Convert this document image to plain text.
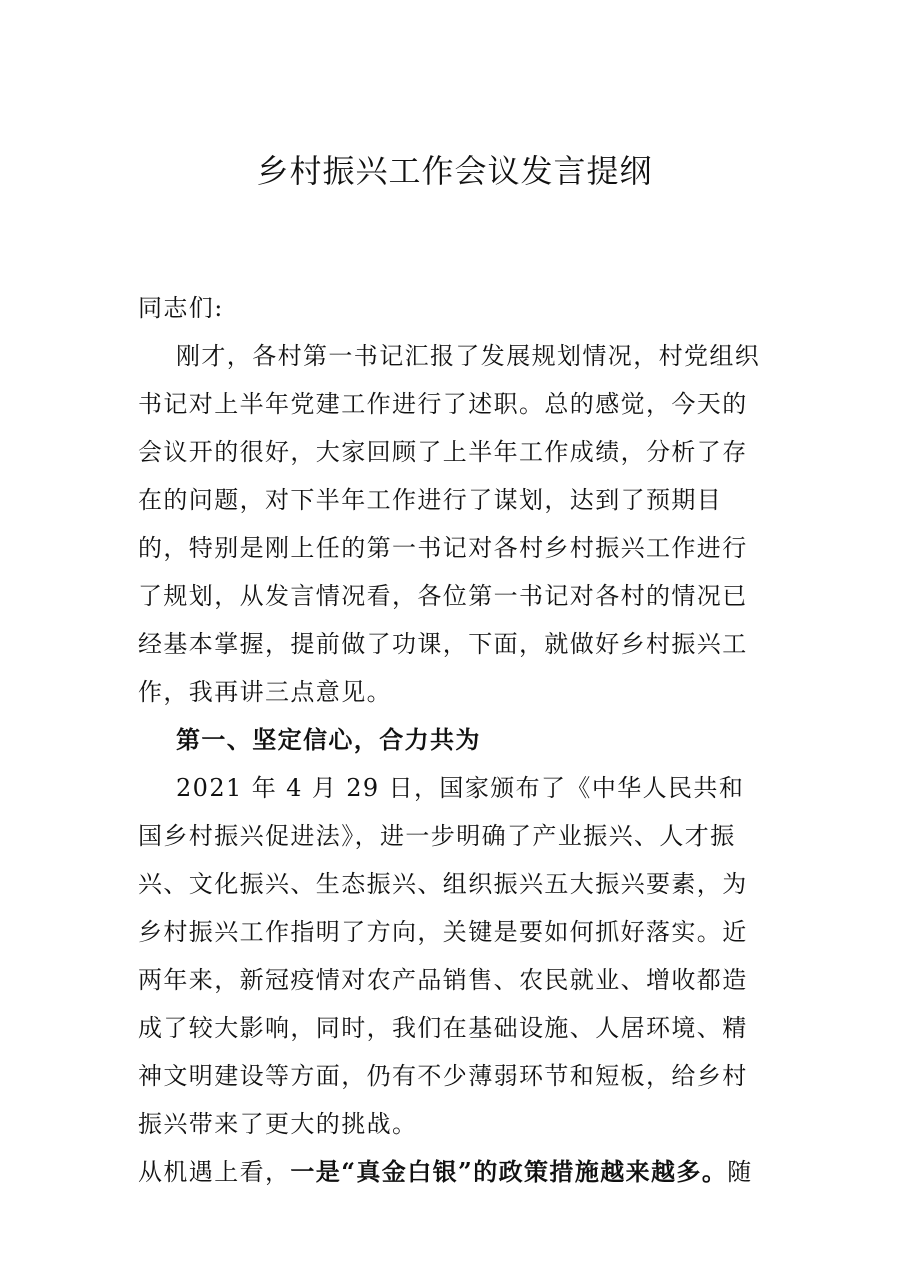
乡村振兴工作会议发言提纲

同志们:

刚才，各村第一书记汇报了发展规划情况，村党组织书记对上半年党建工作进行了述职。总的感觉，今天的会议开的很好，大家回顾了上半年工作成绩，分析了存在的问题，对下半年工作进行了谋划，达到了预期目的，特别是刚上任的第一书记对各村乡村振兴工作进行了规划，从发言情况看，各位第一书记对各村的情况已经基本掌握，提前做了功课，下面，就做好乡村振兴工作，我再讲三点意见。

第一、坚定信心，合力共为

2021 年 4 月 29 日，国家颁布了《中华人民共和国乡村振兴促进法》，进一步明确了产业振兴、人才振兴、文化振兴、生态振兴、组织振兴五大振兴要素，为乡村振兴工作指明了方向，关键是要如何抓好落实。近两年来，新冠疫情对农产品销售、农民就业、增收都造成了较大影响，同时，我们在基础设施、人居环境、精神文明建设等方面，仍有不少薄弱环节和短板，给乡村振兴带来了更大的挑战。

从机遇上看，一是“真金白银”的政策措施越来越多。随
